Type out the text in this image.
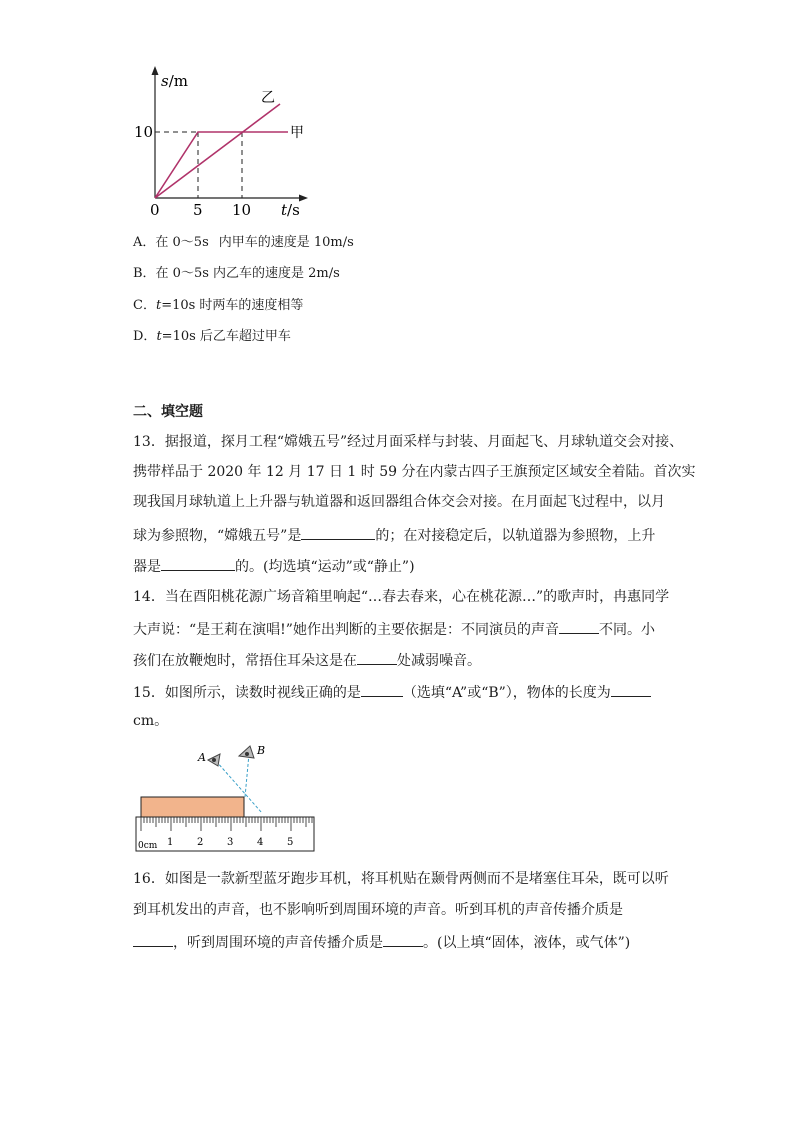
s/m
t/s
0 5 10
10	甲
乙
A．在 0～5s 内甲车的速度是 10m/s
B．在 0～5s 内乙车的速度是 2m/s
C．t=10s 时两车的速度相等
D．t=10s 后乙车超过甲车
二、填空题
13．据报道，探月工程“嫦娥五号”经过月面采样与封装、月面起飞、月球轨道交会对接、
携带样品于 2020 年 12 月 17 日 1 时 59 分在内蒙古四子王旗预定区域安全着陆。首次实
现我国月球轨道上上升器与轨道器和返回器组合体交会对接。在月面起飞过程中，以月
球为参照物，“嫦娥五号”是	的；在对接稳定后，以轨道器为参照物，上升
器是	的。(均选填“运动”或“静止”)
14．当在酉阳桃花源广场音箱里响起“…春去春来，心在桃花源…”的歌声时，冉惠同学
大声说：“是王莉在演唱!”她作出判断的主要依据是：不同演员的声音	不同。小
孩们在放鞭炮时，常捂住耳朵这是在	处减弱噪音。
15．如图所示，读数时视线正确的是	（选填“A”或“B”），物体的长度为
cm。
A
B
0cm 1 2 3 4 5
16．如图是一款新型蓝牙跑步耳机，将耳机贴在颞骨两侧而不是堵塞住耳朵，既可以听
到耳机发出的声音，也不影响听到周围环境的声音。听到耳机的声音传播介质是
，听到周围环境的声音传播介质是	。(以上填“固体，液体，或气体”)
